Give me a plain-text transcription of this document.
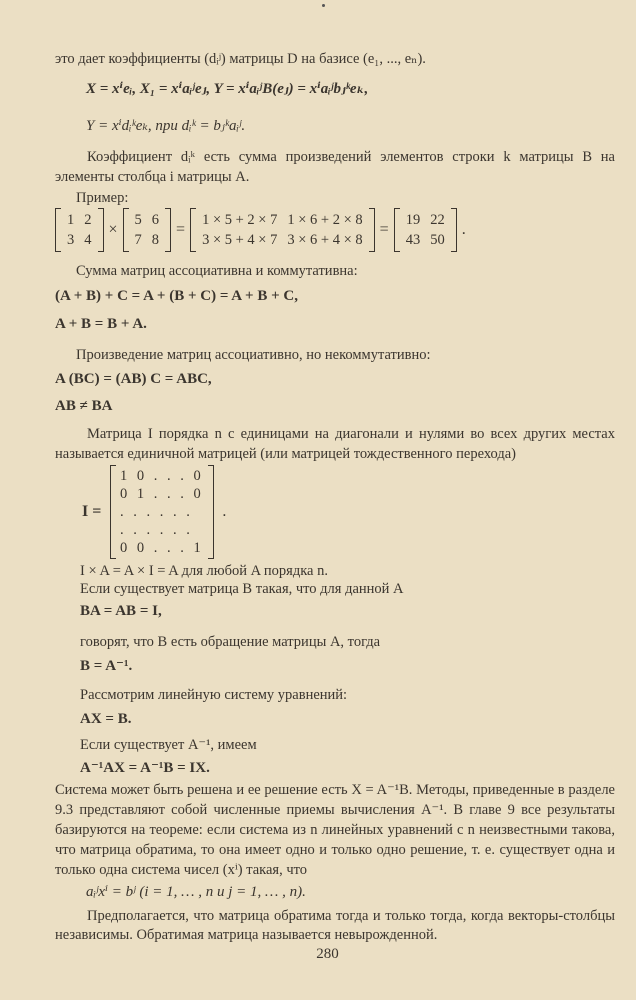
это дает коэффициенты (dᵢʲ) матрицы D на базисе (e₁, ..., eₙ).
X = xⁱeᵢ, X₁ = xⁱaᵢʲeⱼ, Y = xⁱaᵢʲB(eⱼ) = xⁱaᵢʲbⱼᵏeₖ,
Y = xⁱdᵢᵏeₖ, при dᵢᵏ = bⱼᵏaᵢʲ.
Коэффициент dᵢᵏ есть сумма произведений элементов строки k матрицы B на элементы столбца i матрицы A.
Пример:
1	2
3	4
×
5	6
7	8
=
1 × 5 + 2 × 7	1 × 6 + 2 × 8
3 × 5 + 4 × 7	3 × 6 + 4 × 8
=
19	22
43	50
.
Сумма матриц ассоциативна и коммутативна:
(A + B) + C = A + (B + C) = A + B + C,
A + B = B + A.
Произведение матриц ассоциативно, но некоммутативно:
A (BC) = (AB) C = ABC,
AB ≠ BA
Матрица I порядка n с единицами на диагонали и нулями во всех других местах называется единичной матрицей (или матрицей тождественного перехода)
I =
1 0 . . . 0
0 1 . . . 0
. . . . . .
. . . . . .
0 0 . . . 1
.
I × A = A × I = A для любой A порядка n.
Если существует матрица B такая, что для данной A
BA = AB = I,
говорят, что B есть обращение матрицы A, тогда
B = A⁻¹.
Рассмотрим линейную систему уравнений:
AX = B.
Если существует A⁻¹, имеем
A⁻¹AX = A⁻¹B = IX.
Система может быть решена и ее решение есть X = A⁻¹B. Методы, приведенные в разделе 9.3 представляют собой численные приемы вычисления A⁻¹. В главе 9 все результаты базируются на теореме: если система из n линейных уравнений с n неизвестными такова, что матрица обратима, то она имеет одно и только одно решение, т. е. существует одна и только одна система чисел (xⁱ) такая, что
aᵢʲxⁱ = bʲ (i = 1, … , n и j = 1, … , n).
Предполагается, что матрица обратима тогда и только тогда, когда векторы-столбцы независимы. Обратимая матрица называется невырожденной.
280
